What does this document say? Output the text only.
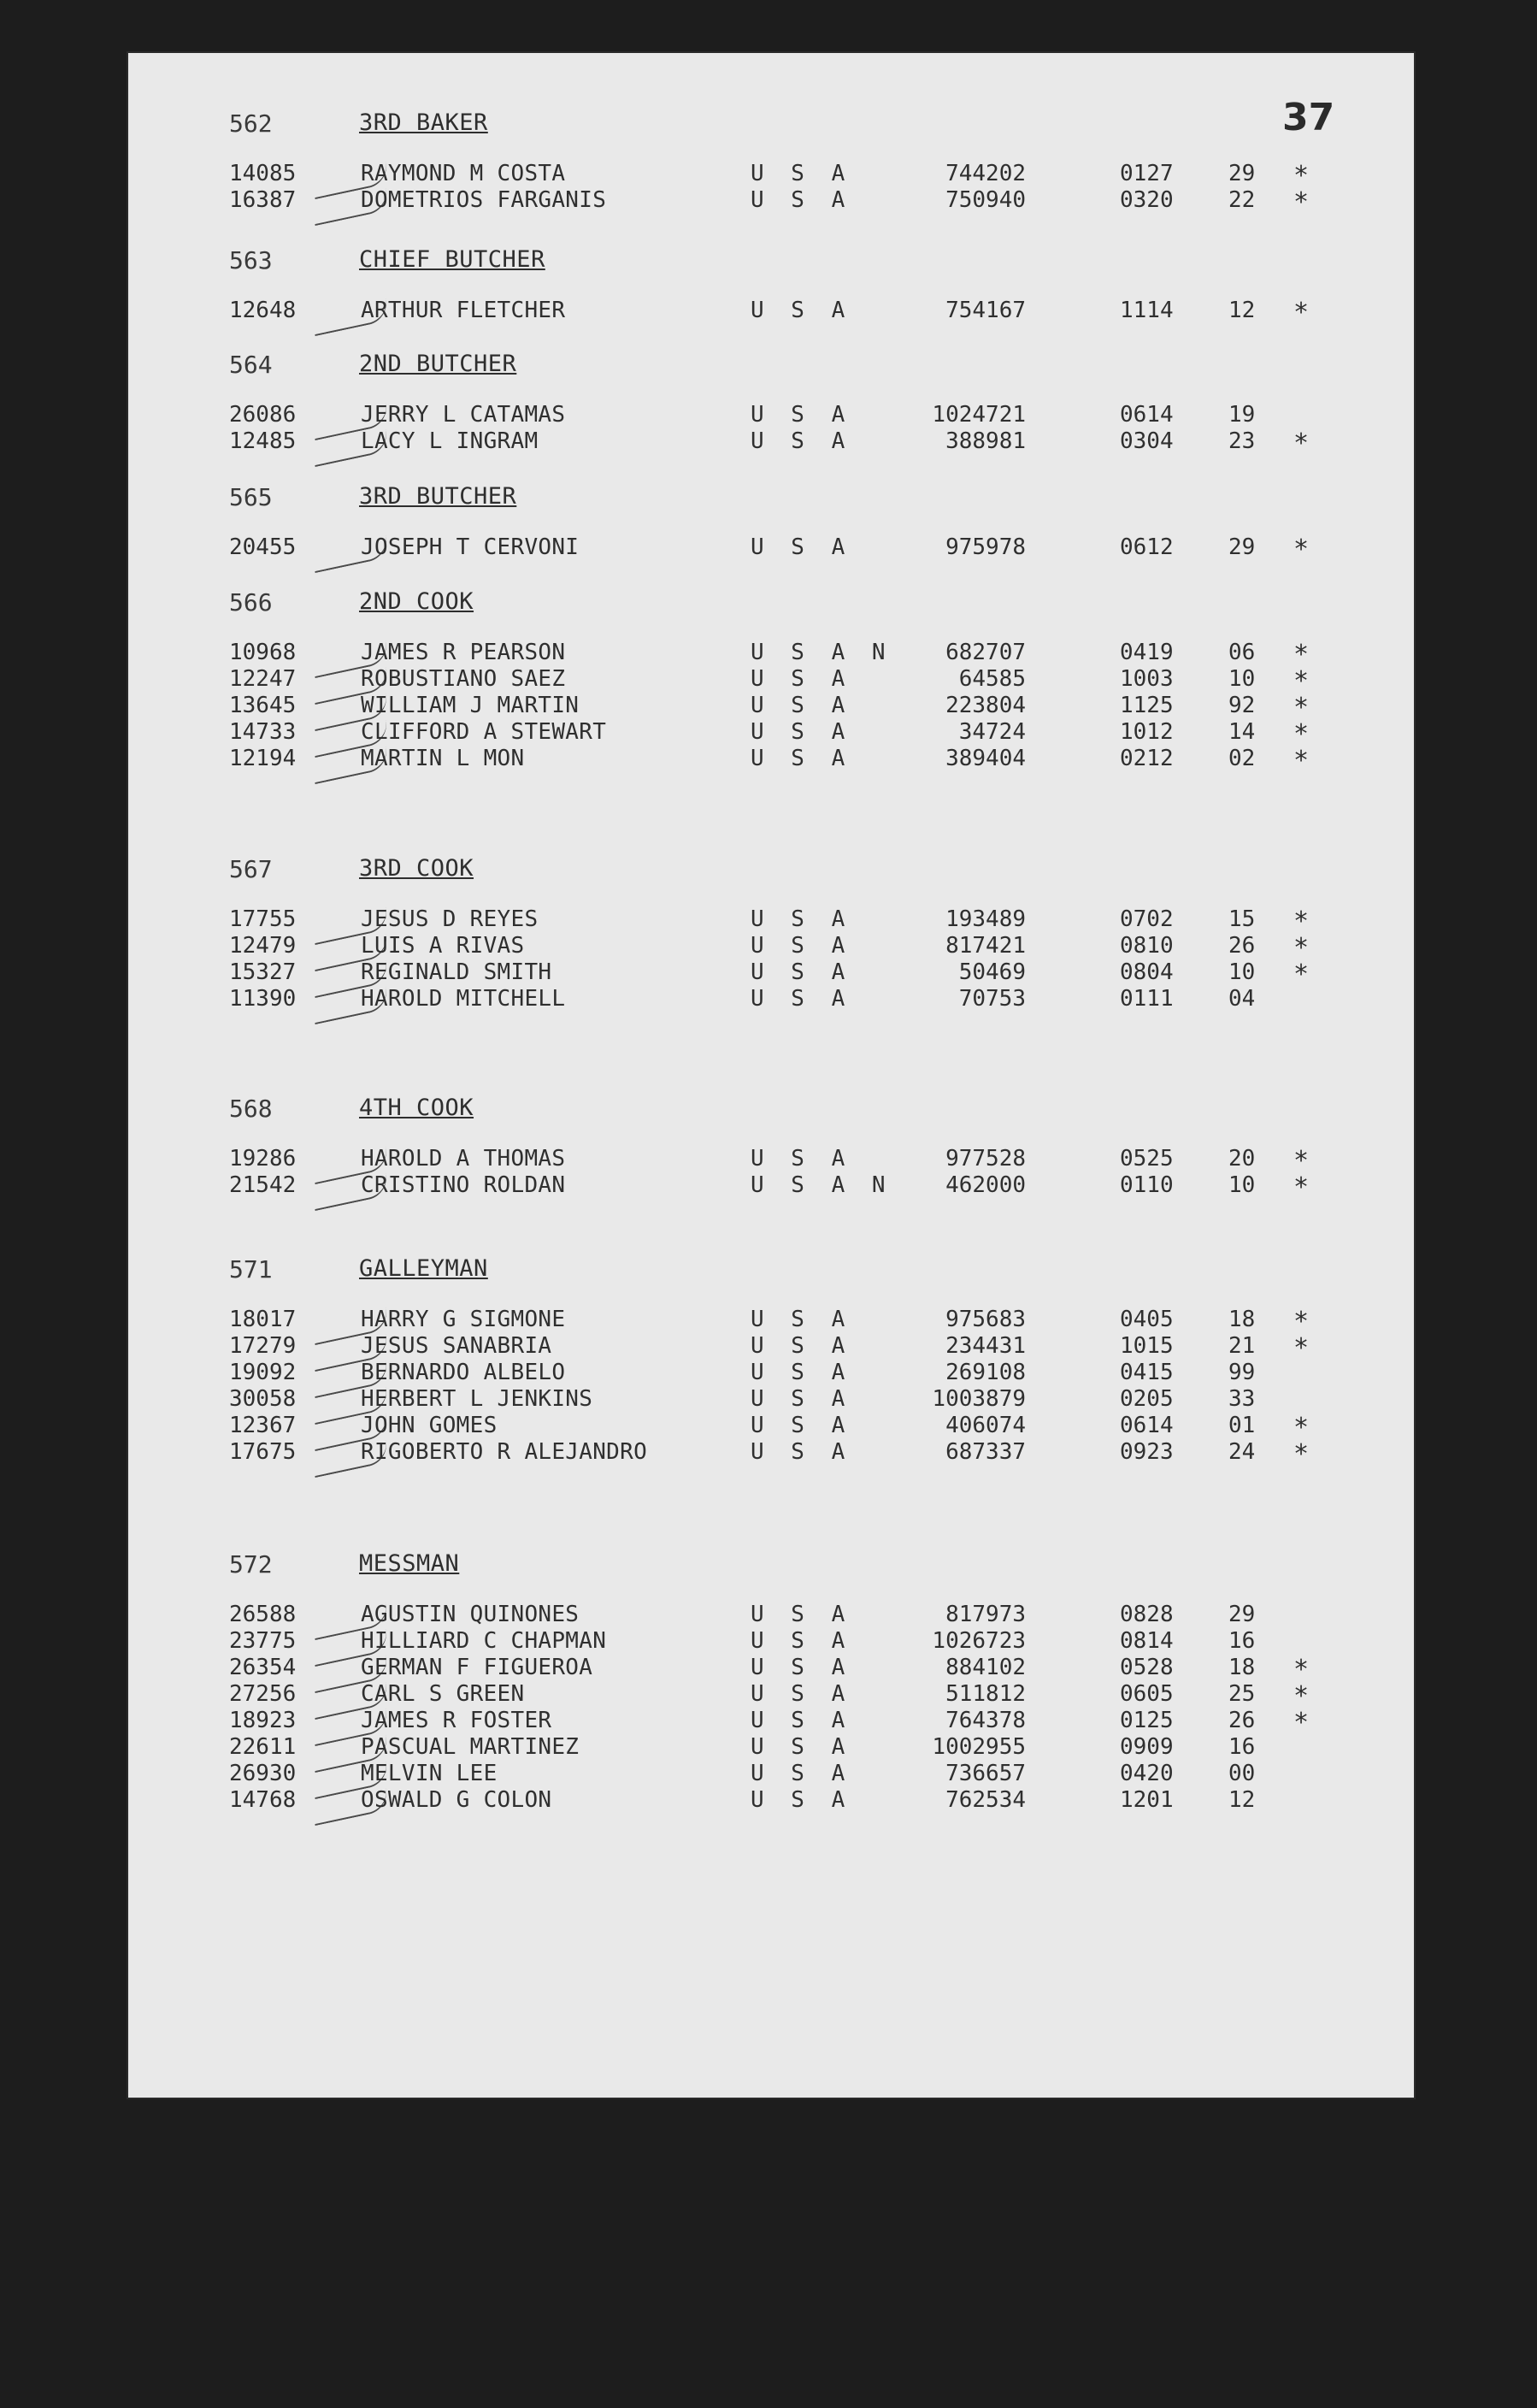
37
562	3RD BAKER
14085	RAYMOND M COSTA	U S A	744202	0127 29 *
16387	DOMETRIOS FARGANIS	U S A	750940	0320 22 *
563	CHIEF BUTCHER
12648	ARTHUR FLETCHER	U S A	754167	1114 12 *
564	2ND BUTCHER
26086	JERRY L CATAMAS	U S A	1024721	0614 19
12485	LACY L INGRAM	U S A	388981	0304 23 *
565	3RD BUTCHER
20455	JOSEPH T CERVONI	U S A	975978	0612 29 *
566	2ND COOK
10968	JAMES R PEARSON	U S A N	682707	0419 06 *
12247	ROBUSTIANO SAEZ	U S A	64585	1003 10 *
13645	WILLIAM J MARTIN	U S A	223804	1125 92 *
14733	CLIFFORD A STEWART	U S A	34724	1012 14 *
12194	MARTIN L MON	U S A	389404	0212 02 *
567	3RD COOK
17755	JESUS D REYES	U S A	193489	0702 15 *
12479	LUIS A RIVAS	U S A	817421	0810 26 *
15327	REGINALD SMITH	U S A	50469	0804 10 *
11390	HAROLD MITCHELL	U S A	70753	0111 04
568	4TH COOK
19286	HAROLD A THOMAS	U S A	977528	0525 20 *
21542	CRISTINO ROLDAN	U S A N	462000	0110 10 *
571	GALLEYMAN
18017	HARRY G SIGMONE	U S A	975683	0405 18 *
17279	JESUS SANABRIA	U S A	234431	1015 21 *
19092	BERNARDO ALBELO	U S A	269108	0415 99
30058	HERBERT L JENKINS	U S A	1003879	0205 33
12367	JOHN GOMES	U S A	406074	0614 01 *
17675	RIGOBERTO R ALEJANDRO	U S A	687337	0923 24 *
572	MESSMAN
26588	AGUSTIN QUINONES	U S A	817973	0828 29
23775	HILLIARD C CHAPMAN	U S A	1026723	0814 16
26354	GERMAN F FIGUEROA	U S A	884102	0528 18 *
27256	CARL S GREEN	U S A	511812	0605 25 *
18923	JAMES R FOSTER	U S A	764378	0125 26 *
22611	PASCUAL MARTINEZ	U S A	1002955	0909 16
26930	MELVIN LEE	U S A	736657	0420 00
14768	OSWALD G COLON	U S A	762534	1201 12
